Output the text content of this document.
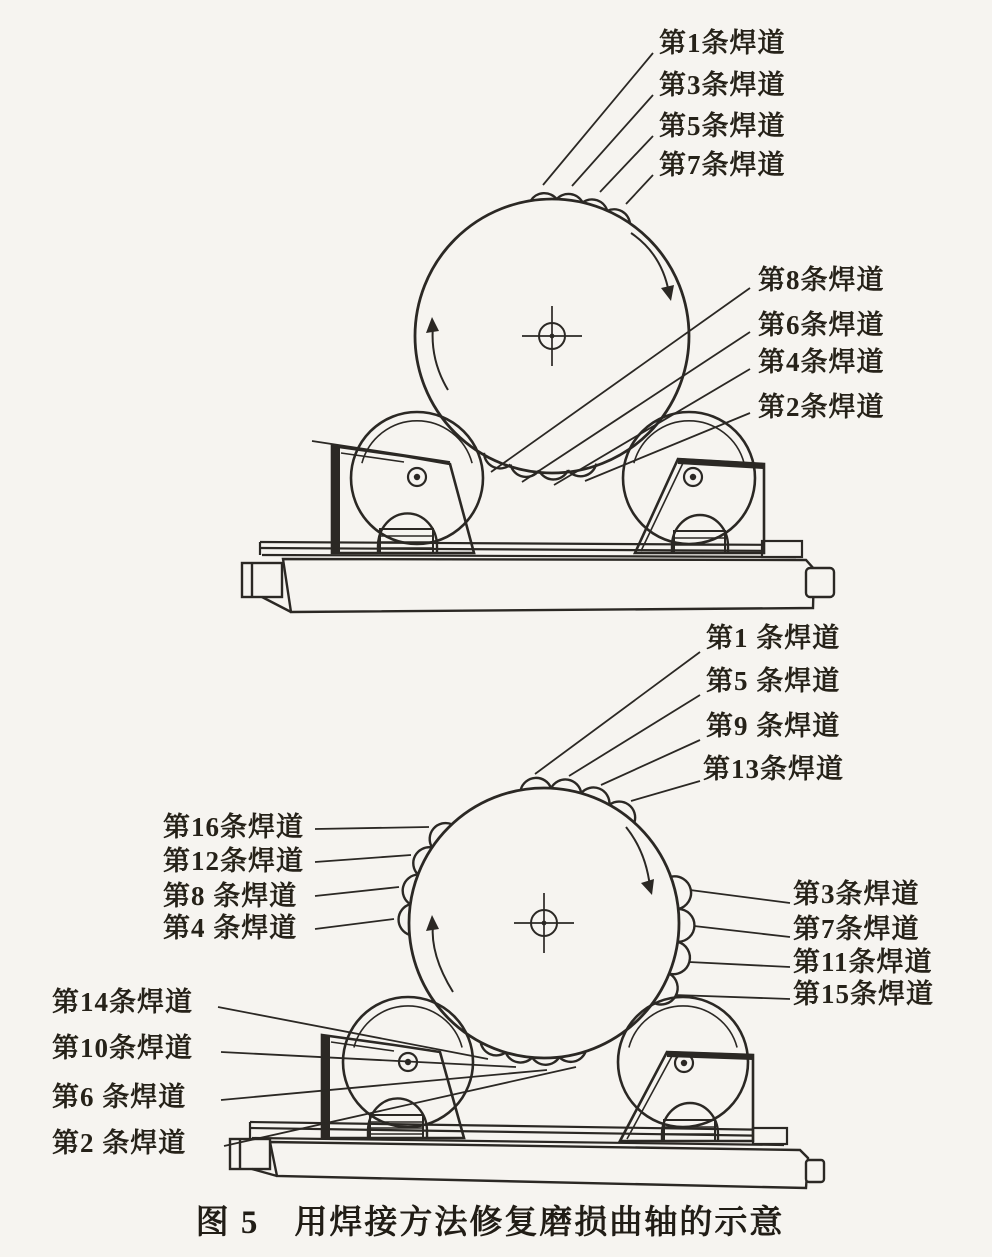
第1条焊道
第3条焊道
第5条焊道
第7条焊道
第8条焊道
第6条焊道
第4条焊道
第2条焊道
第1 条焊道
第5 条焊道
第9 条焊道
第13条焊道
第16条焊道
第12条焊道
第8 条焊道
第4 条焊道
第3条焊道
第7条焊道
第11条焊道
第15条焊道
第14条焊道
第10条焊道
第6 条焊道
第2 条焊道
图 5　用焊接方法修复磨损曲轴的示意
